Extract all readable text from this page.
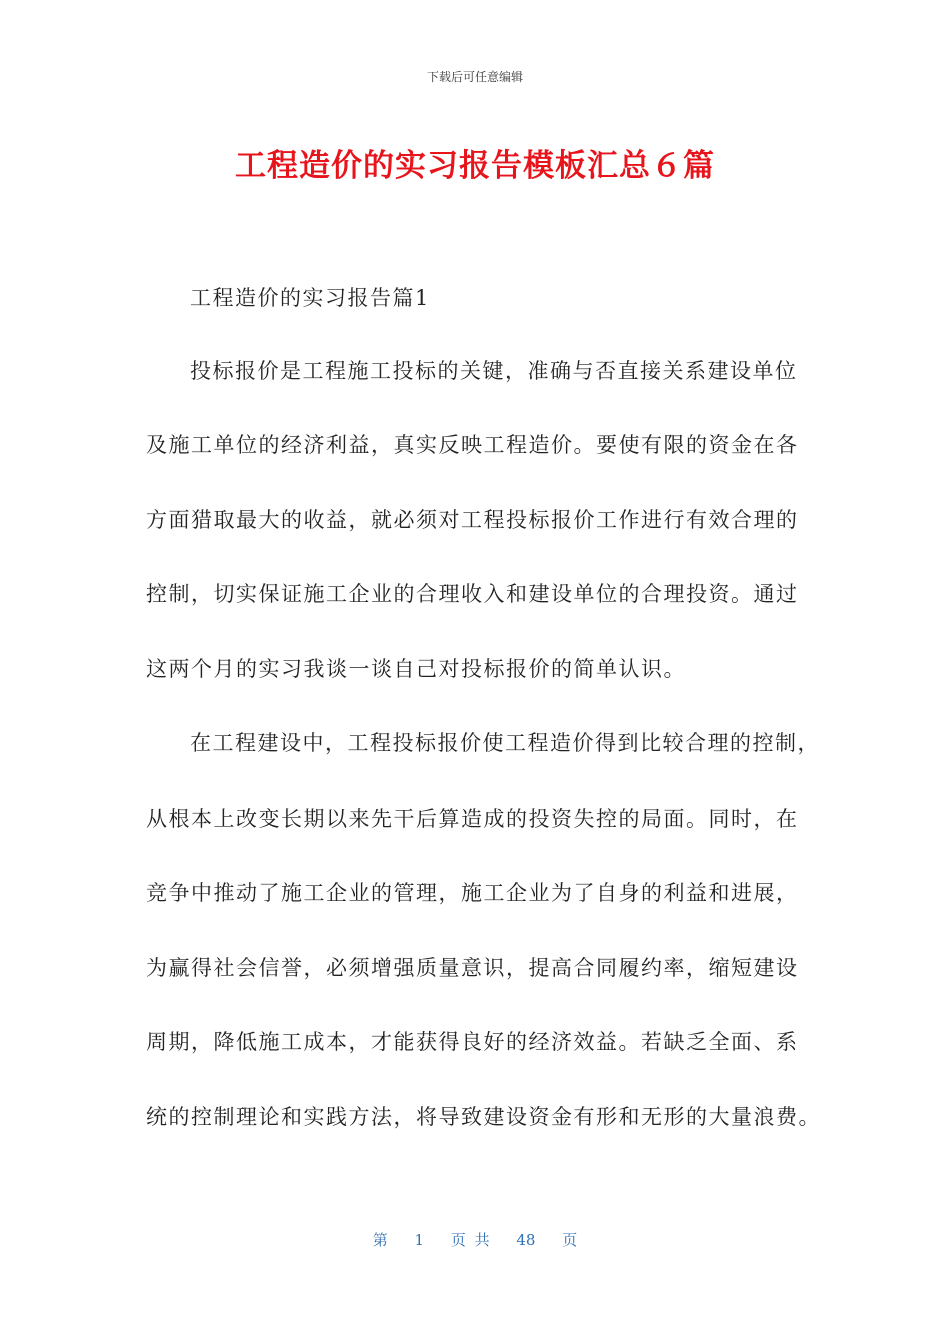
下载后可任意编辑
工程造价的实习报告模板汇总６篇
工程造价的实习报告篇1
投标报价是工程施工投标的关键，准确与否直接关系建设单位
及施工单位的经济利益，真实反映工程造价。要使有限的资金在各
方面猎取最大的收益，就必须对工程投标报价工作进行有效合理的
控制，切实保证施工企业的合理收入和建设单位的合理投资。通过
这两个月的实习我谈一谈自己对投标报价的简单认识。
在工程建设中，工程投标报价使工程造价得到比较合理的控制，
从根本上改变长期以来先干后算造成的投资失控的局面。同时，在
竞争中推动了施工企业的管理，施工企业为了自身的利益和进展，
为赢得社会信誉，必须增强质量意识，提高合同履约率，缩短建设
周期，降低施工成本，才能获得良好的经济效益。若缺乏全面、系
统的控制理论和实践方法，将导致建设资金有形和无形的大量浪费。
第 1 页 共 48 页
